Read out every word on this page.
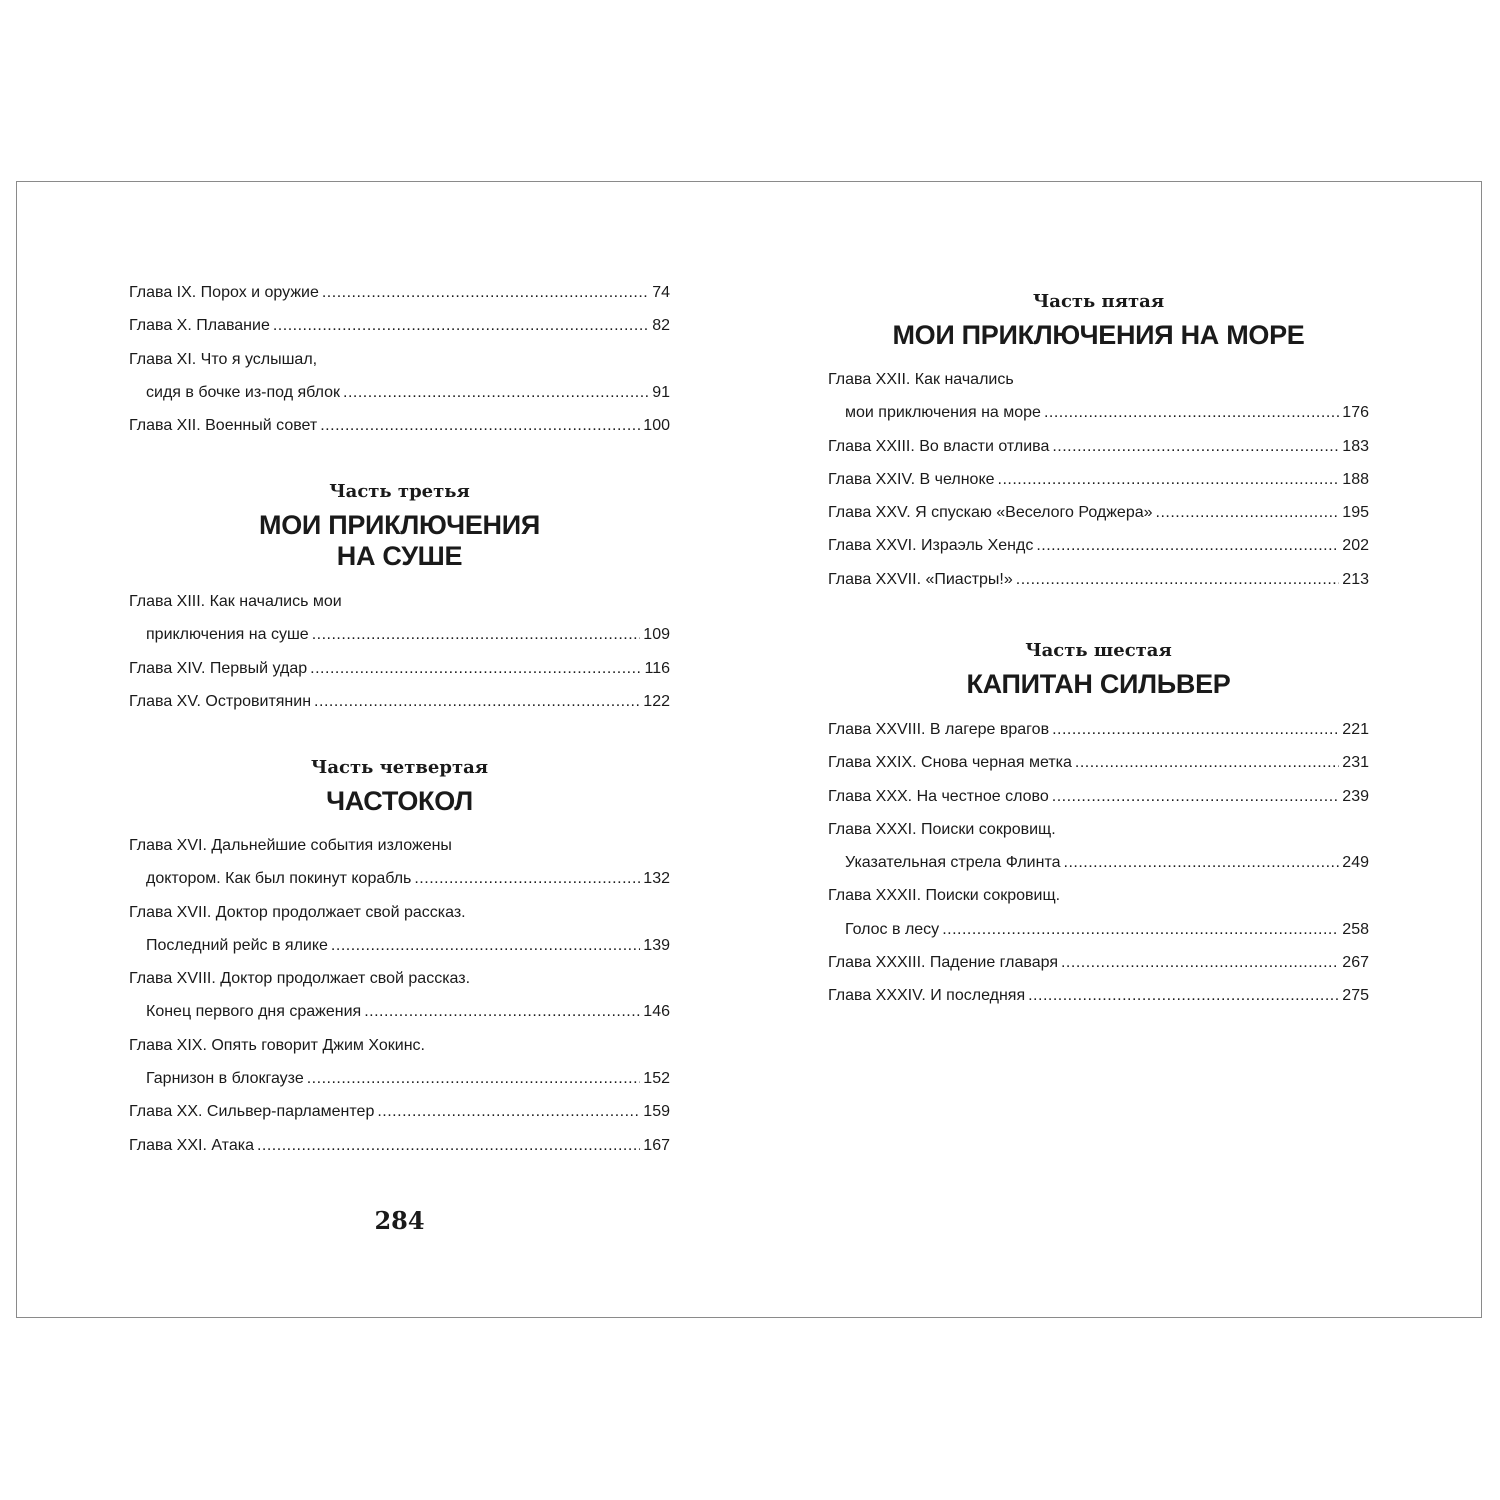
Глава IX. Порох и оружие .....	74
Глава X. Плавание .....	82
Глава XI. Что я услышал,
сидя в бочке из-под яблок .....	91
Глава XII. Военный совет .....	100
Часть третья
МОИ ПРИКЛЮЧЕНИЯ
НА СУШЕ
Глава XIII. Как начались мои
приключения на суше .....	109
Глава XIV. Первый удар .....	116
Глава XV. Островитянин .....	122
Часть четвертая
ЧАСТОКОЛ
Глава XVI. Дальнейшие события изложены
доктором. Как был покинут корабль .....	132
Глава XVII. Доктор продолжает свой рассказ.
Последний рейс в ялике .....	139
Глава XVIII. Доктор продолжает свой рассказ.
Конец первого дня сражения .....	146
Глава XIX. Опять говорит Джим Хокинс.
Гарнизон в блокгаузе .....	152
Глава XX. Сильвер-парламентер .....	159
Глава XXI. Атака .....	167
284
Часть пятая
МОИ ПРИКЛЮЧЕНИЯ НА МОРЕ
Глава XXII. Как начались
мои приключения на море .....	176
Глава XXIII. Во власти отлива .....	183
Глава XXIV. В челноке .....	188
Глава XXV. Я спускаю «Веселого Роджера» .....	195
Глава XXVI. Израэль Хендс .....	202
Глава XXVII. «Пиастры!» .....	213
Часть шестая
КАПИТАН СИЛЬВЕР
Глава XXVIII. В лагере врагов .....	221
Глава XXIX. Снова черная метка .....	231
Глава XXX. На честное слово .....	239
Глава XXXI. Поиски сокровищ.
Указательная стрела Флинта .....	249
Глава XXXII. Поиски сокровищ.
Голос в лесу .....	258
Глава XXXIII. Падение главаря .....	267
Глава XXXIV. И последняя .....	275
